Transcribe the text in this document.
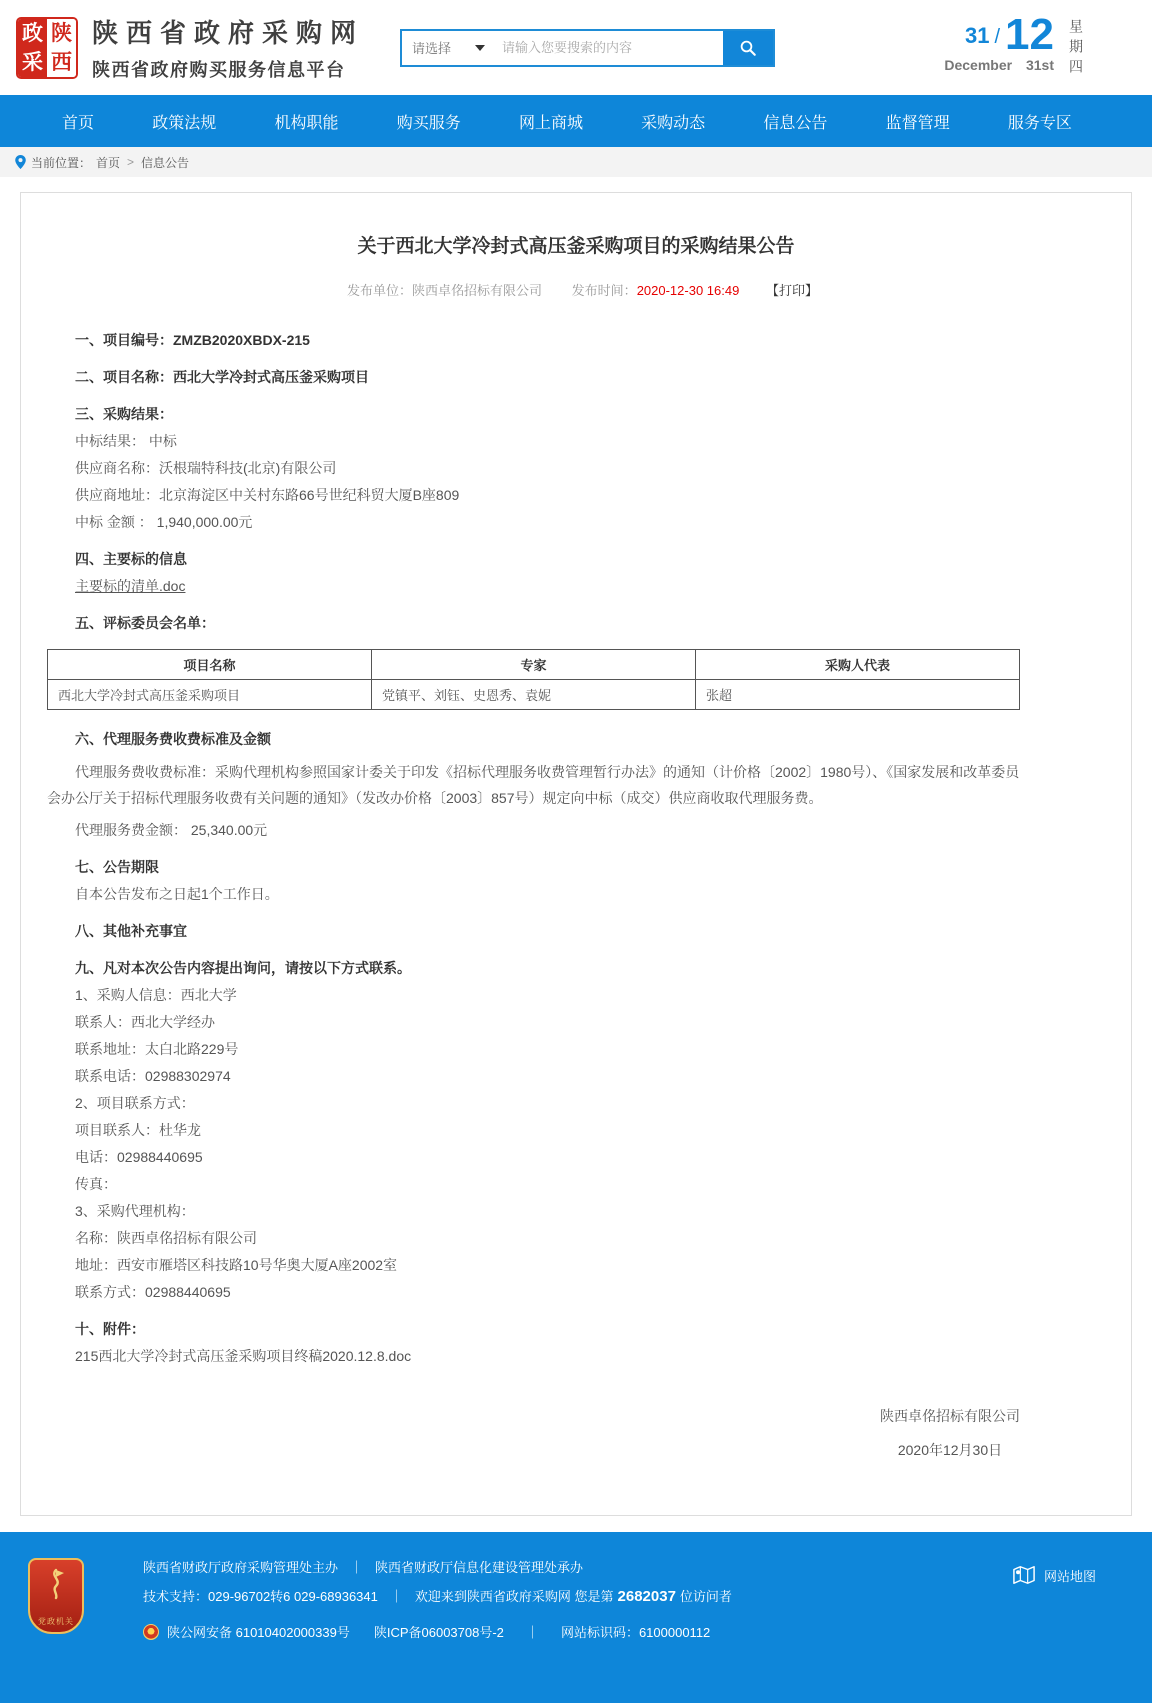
政
采
陕
西
陕西省政府采购网
陕西省政府购买服务信息平台
请选择
请输入您要搜索的内容
31 / 12
December 31st 星期四
首页	政策法规	机构职能	购买服务	网上商城	采购动态	信息公告	监督管理	服务专区
当前位置： 首页 > 信息公告
关于西北大学冷封式高压釜采购项目的采购结果公告
发布单位：陕西卓佲招标有限公司 发布时间：2020-12-30 16:49 【打印】
一、项目编号：ZMZB2020XBDX-215
二、项目名称：西北大学冷封式高压釜采购项目
三、采购结果：
中标结果： 中标
供应商名称：沃根瑞特科技(北京)有限公司
供应商地址：北京海淀区中关村东路66号世纪科贸大厦B座809
中标 金额 ： 1,940,000.00元
四、主要标的信息
主要标的清单.doc
五、评标委员会名单：
项目名称	专家	采购人代表
西北大学冷封式高压釜采购项目	党镇平、刘钰、史恩秀、袁妮	张超
六、代理服务费收费标准及金额
代理服务费收费标准：采购代理机构参照国家计委关于印发《招标代理服务收费管理暂行办法》的通知（计价格〔2002〕1980号）、《国家发展和改革委员会办公厅关于招标代理服务收费有关问题的通知》（发改办价格〔2003〕857号）规定向中标（成交）供应商收取代理服务费。
代理服务费金额： 25,340.00元
七、公告期限
自本公告发布之日起1个工作日。
八、其他补充事宜
九、凡对本次公告内容提出询问，请按以下方式联系。
1、采购人信息：西北大学
联系人：西北大学经办
联系地址：太白北路229号
联系电话：02988302974
2、项目联系方式：
项目联系人：杜华龙
电话：02988440695
传真：
3、采购代理机构：
名称：陕西卓佲招标有限公司
地址：西安市雁塔区科技路10号华奥大厦A座2002室
联系方式：02988440695
十、附件：
215西北大学冷封式高压釜采购项目终稿2020.12.8.doc
陕西卓佲招标有限公司
2020年12月30日
党政机关
陕西省财政厅政府采购管理处主办 ｜ 陕西省财政厅信息化建设管理处承办
技术支持：029-96702转6 029-68936341 ｜ 欢迎来到陕西省政府采购网 您是第 2682037 位访问者
网站地图
陕公网安备 61010402000339号 陕ICP备06003708号-2 ｜ 网站标识码：6100000112
